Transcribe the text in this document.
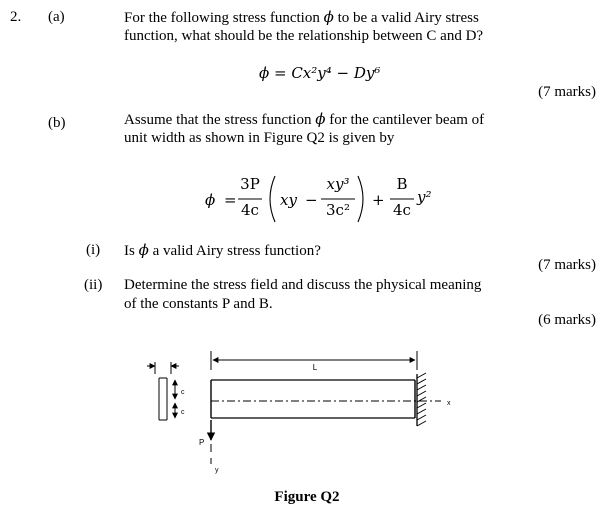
2. (a)	For the following stress function ϕ to be a valid Airy stress
function, what should be the relationship between C and D?
ϕ = Cx²y⁴ − Dy⁶
(7 marks)
(b)	Assume that the stress function ϕ for the cantilever beam of
unit width as shown in Figure Q2 is given by
ϕ =
3P
4c
xy −
xy³
3c²
+
B
4c
y²
(i) Is ϕ a valid Airy stress function?
(7 marks)
(ii) Determine the stress field and discuss the physical meaning
of the constants P and B.
(6 marks)
L
x
P
y
c
c
Figure Q2
